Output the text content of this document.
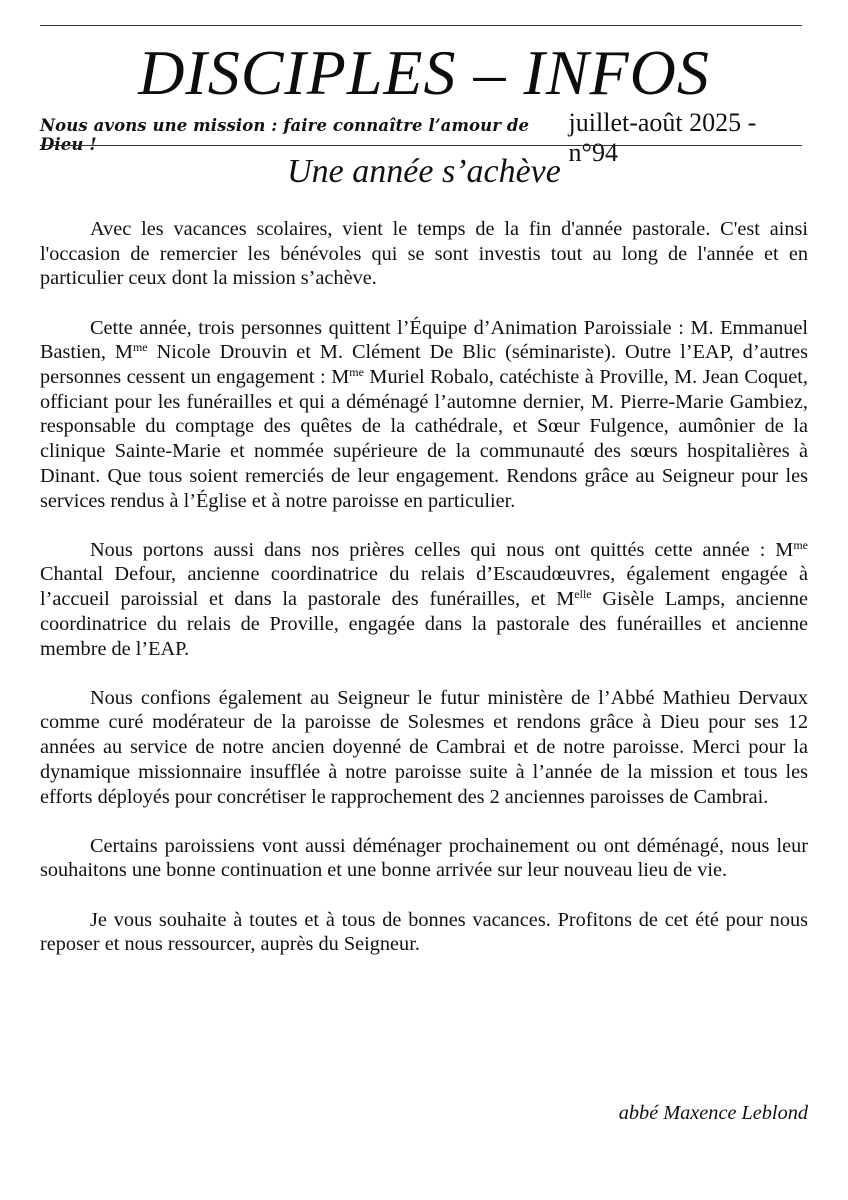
DISCIPLES – INFOS
Nous avons une mission : faire connaître l’amour de Dieu !
juillet-août 2025 - n°94
Une année s’achève

Avec les vacances scolaires, vient le temps de la fin d'année pastorale. C'est ainsi l'occasion de remercier les bénévoles qui se sont investis tout au long de l'année et en particulier ceux dont la mission s’achève.

Cette année, trois personnes quittent l’Équipe d’Animation Paroissiale : M. Emmanuel Bastien, $M^{me}$ Nicole Drouvin et M. Clément De Blic (séminariste). Outre l’EAP, d’autres personnes cessent un engagement : $M^{me}$ Muriel Robalo, catéchiste à Proville, M. Jean Coquet, officiant pour les funérailles et qui a déménagé l’automne dernier, M. Pierre-Marie Gambiez, responsable du comptage des quêtes de la cathédrale, et Sœur Fulgence, aumônier de la clinique Sainte-Marie et nommée supérieure de la communauté des sœurs hospitalières à Dinant. Que tous soient remerciés de leur engagement. Rendons grâce au Seigneur pour les services rendus à l’Église et à notre paroisse en particulier.

Nous portons aussi dans nos prières celles qui nous ont quittés cette année : $M^{me}$ Chantal Defour, ancienne coordinatrice du relais d’Escaudœuvres, également engagée à l’accueil paroissial et dans la pastorale des funérailles, et $M^{elle}$ Gisèle Lamps, ancienne coordinatrice du relais de Proville, engagée dans la pastorale des funérailles et ancienne membre de l’EAP.

Nous confions également au Seigneur le futur ministère de l’Abbé Mathieu Dervaux comme curé modérateur de la paroisse de Solesmes et rendons grâce à Dieu pour ses 12 années au service de notre ancien doyenné de Cambrai et de notre paroisse. Merci pour la dynamique missionnaire insufflée à notre paroisse suite à l’année de la mission et tous les efforts déployés pour concrétiser le rapprochement des 2 anciennes paroisses de Cambrai.

Certains paroissiens vont aussi déménager prochainement ou ont déménagé, nous leur souhaitons une bonne continuation et une bonne arrivée sur leur nouveau lieu de vie.

Je vous souhaite à toutes et à tous de bonnes vacances. Profitons de cet été pour nous reposer et nous ressourcer, auprès du Seigneur.

abbé Maxence Leblond
